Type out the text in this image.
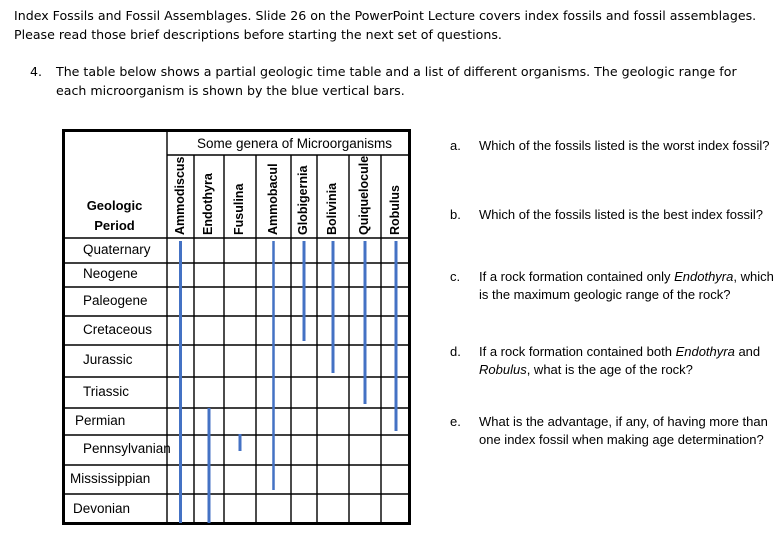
Index Fossils and Fossil Assemblages. Slide 26 on the PowerPoint Lecture covers index fossils and fossil assemblages. Please read those brief descriptions before starting the next set of questions.
4. The table below shows a partial geologic time table and a list of different organisms. The geologic range for each microorganism is shown by the blue vertical bars.
Some genera of Microorganisms
Geologic
Period
Quaternary
Neogene
Paleogene
Cretaceous
Jurassic
Triassic
Permian
Pennsylvanian
Mississippian
Devonian
Ammodiscus Endothyra Fusulina Ammobacul Globigernia Bolivinia Quiquelocule Robulus
a. Which of the fossils listed is the worst index fossil?
b. Which of the fossils listed is the best index fossil?
c. If a rock formation contained only Endothyra, which is the maximum geologic range of the rock?
d. If a rock formation contained both Endothyra and Robulus, what is the age of the rock?
e. What is the advantage, if any, of having more than one index fossil when making age determination?
